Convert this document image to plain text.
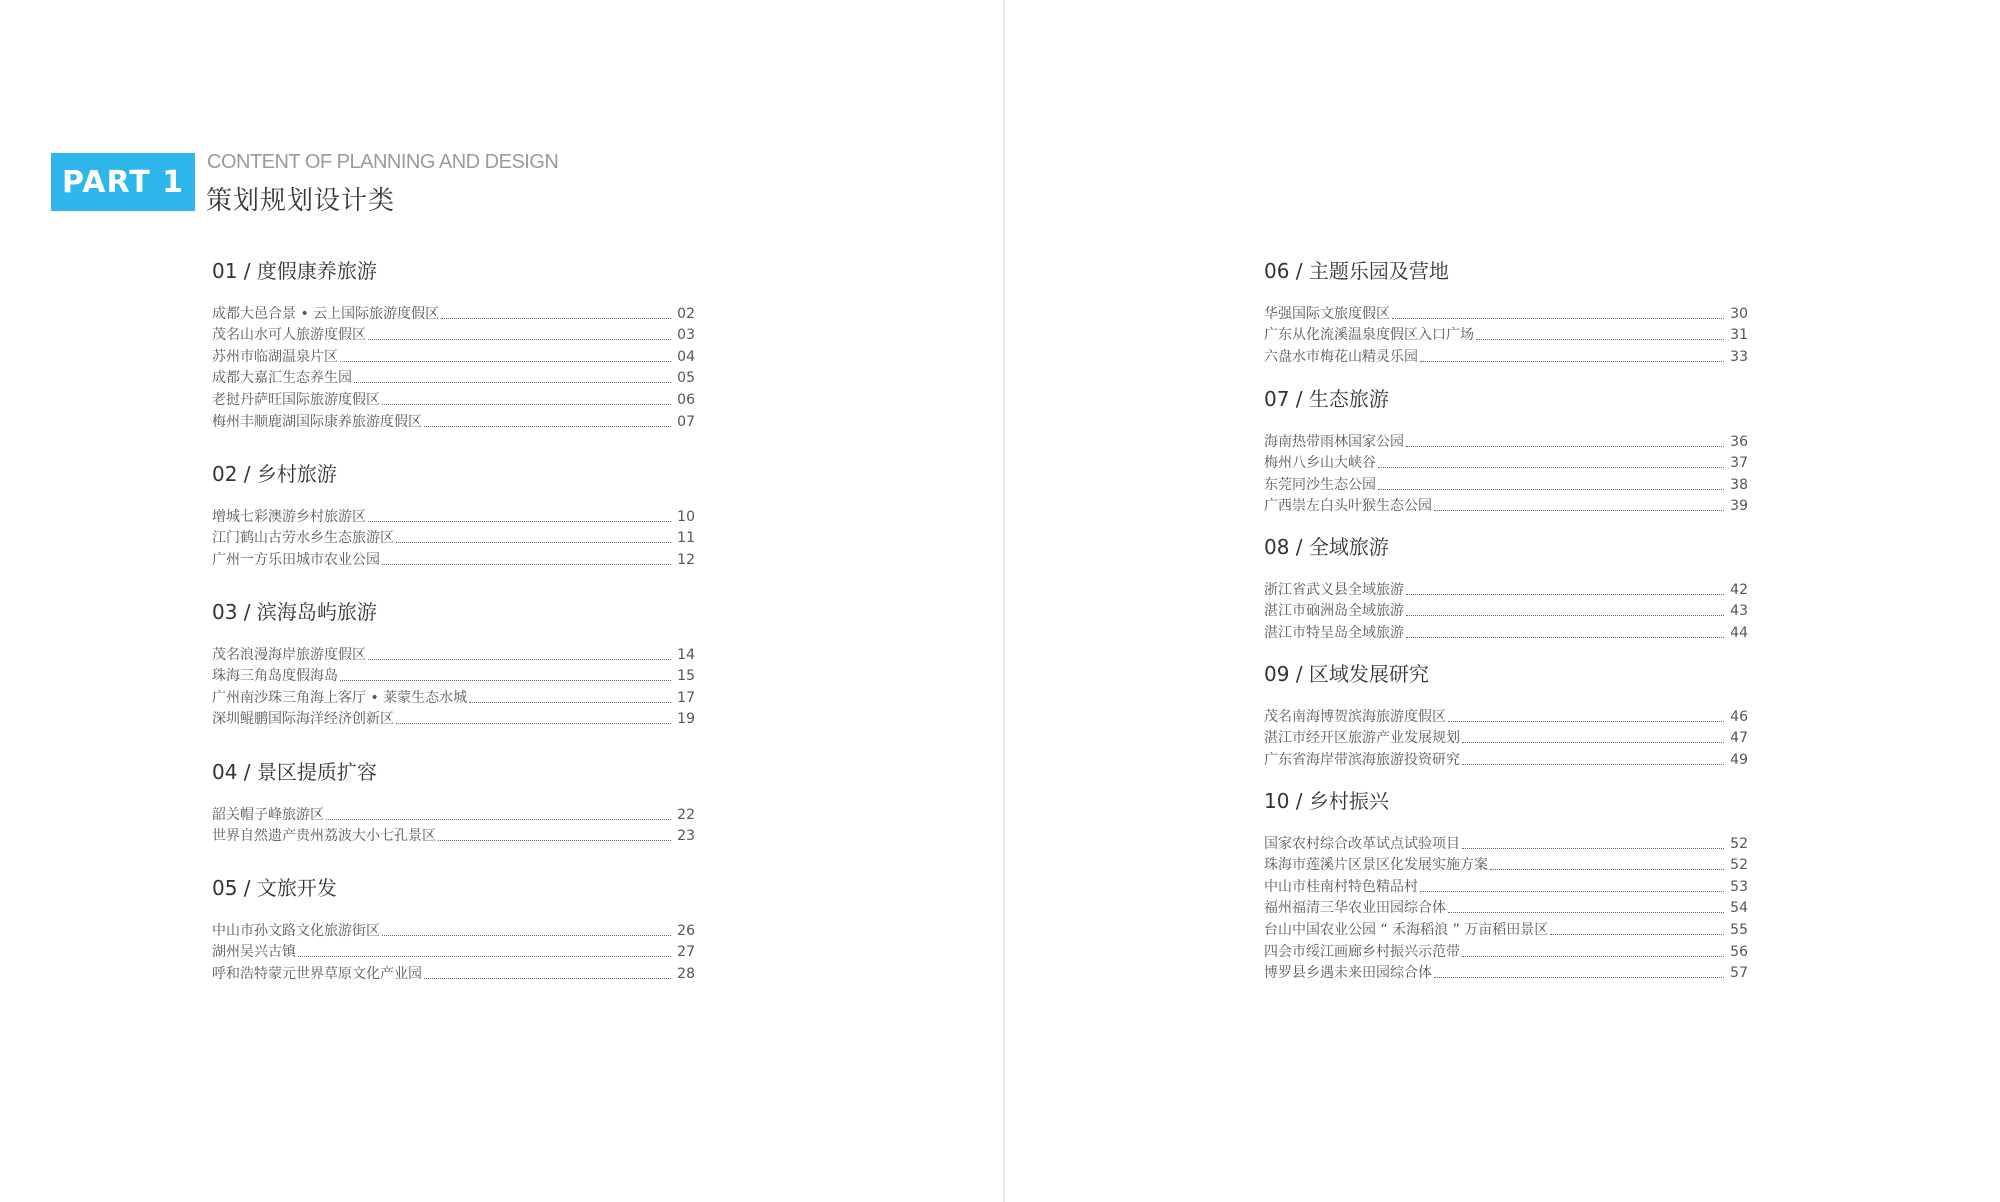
PART 1
CONTENT OF PLANNING AND DESIGN
策划规划设计类
01 / 度假康养旅游
成都大邑合景 • 云上国际旅游度假区	02
茂名山水可人旅游度假区	03
苏州市临湖温泉片区	04
成都大嘉汇生态养生园	05
老挝丹萨旺国际旅游度假区	06
梅州丰顺鹿湖国际康养旅游度假区	07
02 / 乡村旅游
增城七彩澳游乡村旅游区	10
江门鹤山古劳水乡生态旅游区	11
广州一方乐田城市农业公园	12
03 / 滨海岛屿旅游
茂名浪漫海岸旅游度假区	14
珠海三角岛度假海岛	15
广州南沙珠三角海上客厅 • 莱蒙生态水城	17
深圳鲲鹏国际海洋经济创新区	19
04 / 景区提质扩容
韶关帽子峰旅游区	22
世界自然遗产贵州荔波大小七孔景区	23
05 / 文旅开发
中山市孙文路文化旅游街区	26
湖州吴兴古镇	27
呼和浩特蒙元世界草原文化产业园	28
06 / 主题乐园及营地
华强国际文旅度假区	30
广东从化流溪温泉度假区入口广场	31
六盘水市梅花山精灵乐园	33
07 / 生态旅游
海南热带雨林国家公园	36
梅州八乡山大峡谷	37
东莞同沙生态公园	38
广西崇左白头叶猴生态公园	39
08 / 全域旅游
浙江省武义县全域旅游	42
湛江市硇洲岛全域旅游	43
湛江市特呈岛全域旅游	44
09 / 区域发展研究
茂名南海博贺滨海旅游度假区	46
湛江市经开区旅游产业发展规划	47
广东省海岸带滨海旅游投资研究	49
10 / 乡村振兴
国家农村综合改革试点试验项目	52
珠海市莲溪片区景区化发展实施方案	52
中山市桂南村特色精品村	53
福州福清三华农业田园综合体	54
台山中国农业公园 “ 禾海稻浪 ” 万亩稻田景区	55
四会市绥江画廊乡村振兴示范带	56
博罗县乡遇未来田园综合体	57
